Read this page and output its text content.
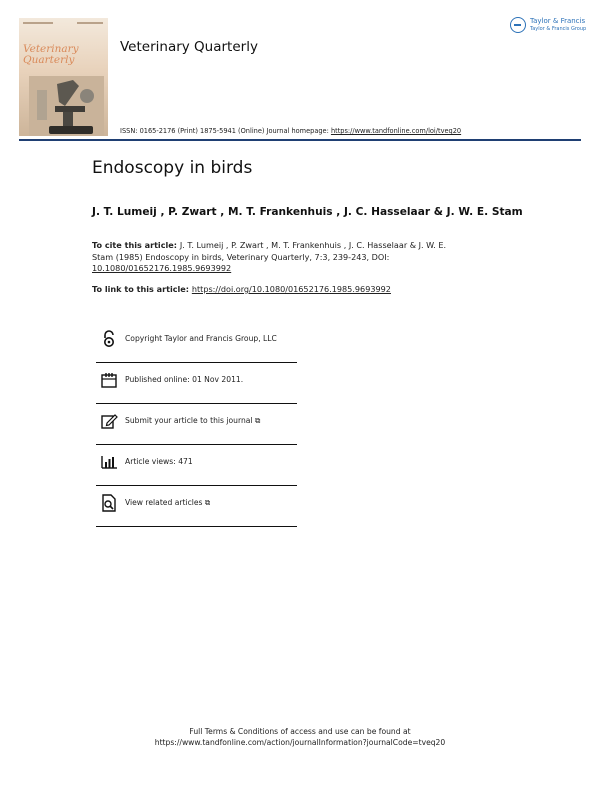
Veterinary
Quarterly
Veterinary Quarterly
ISSN: 0165-2176 (Print) 1875-5941 (Online) Journal homepage: https://www.tandfonline.com/loi/tveq20
Taylor & Francis
Taylor & Francis Group
Endoscopy in birds
J. T. Lumeij , P. Zwart , M. T. Frankenhuis , J. C. Hasselaar & J. W. E. Stam
To cite this article: J. T. Lumeij , P. Zwart , M. T. Frankenhuis , J. C. Hasselaar & J. W. E. Stam (1985) Endoscopy in birds, Veterinary Quarterly, 7:3, 239-243, DOI: 10.1080/01652176.1985.9693992
To link to this article: https://doi.org/10.1080/01652176.1985.9693992
Copyright Taylor and Francis Group, LLC
Published online: 01 Nov 2011.
Submit your article to this journal ⧉
Article views: 471
View related articles ⧉
Full Terms & Conditions of access and use can be found at
https://www.tandfonline.com/action/journalInformation?journalCode=tveq20
